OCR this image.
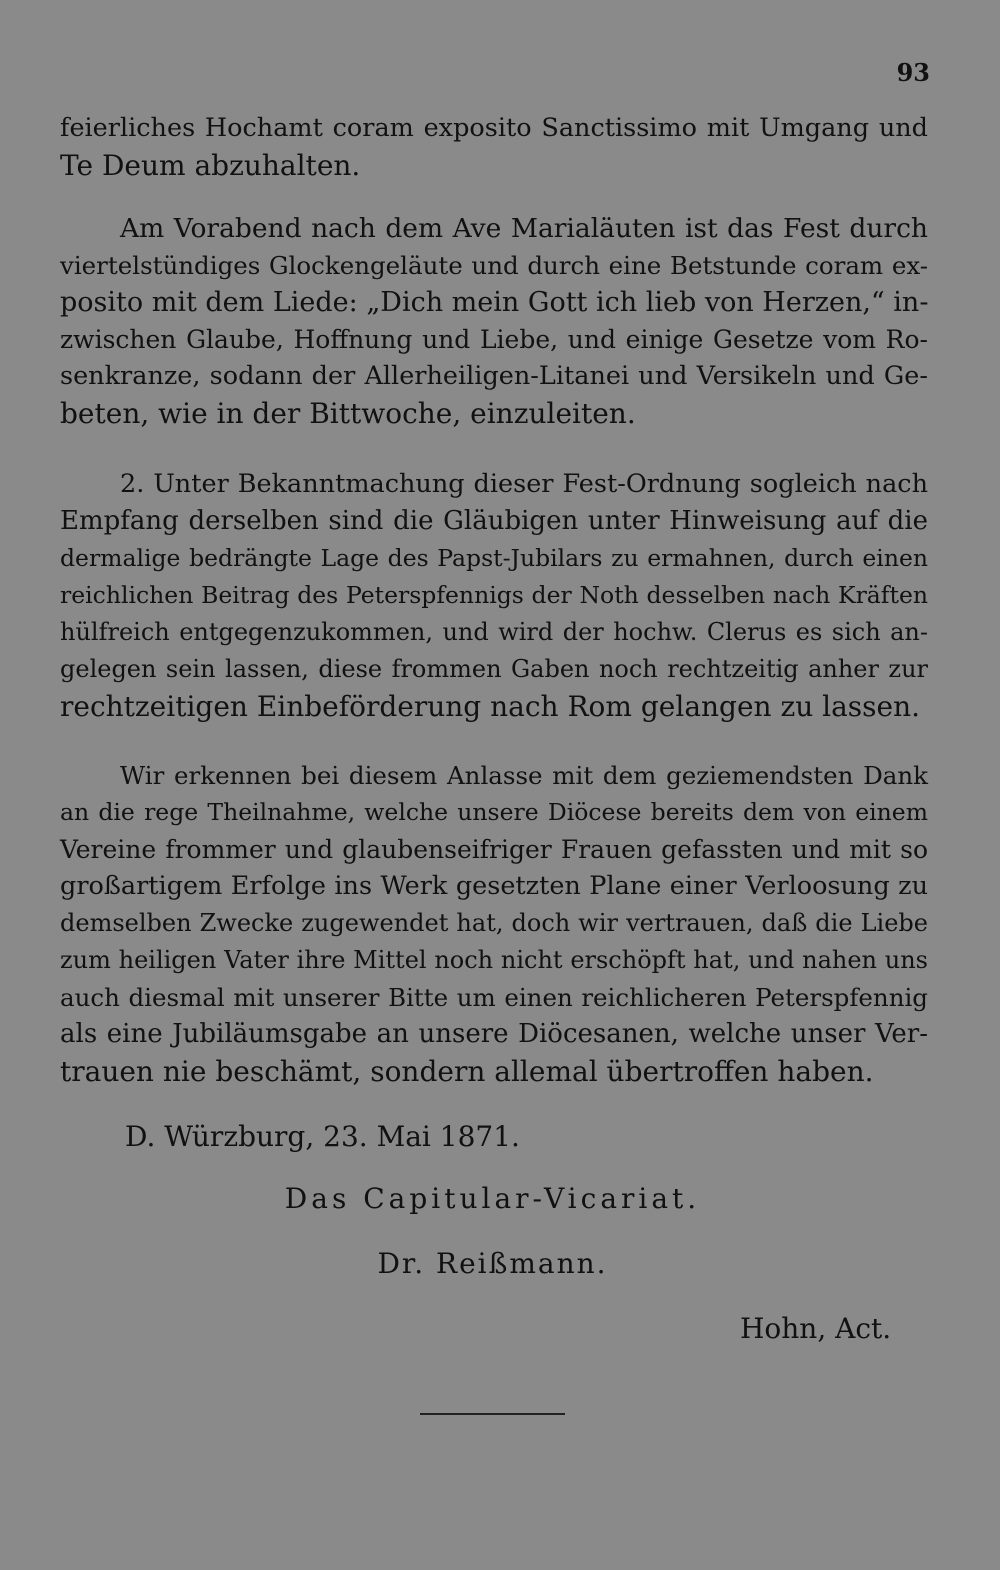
93
feierliches Hochamt coram exposito Sanctissimo mit Umgang und
Te Deum abzuhalten.
Am Vorabend nach dem Ave Marialäuten ist das Fest durch
viertelstündiges Glockengeläute und durch eine Betstunde coram ex-
posito mit dem Liede: „Dich mein Gott ich lieb von Herzen,“ in-
zwischen Glaube, Hoffnung und Liebe, und einige Gesetze vom Ro-
senkranze, sodann der Allerheiligen-Litanei und Versikeln und Ge-
beten, wie in der Bittwoche, einzuleiten.
2. Unter Bekanntmachung dieser Fest-Ordnung sogleich nach
Empfang derselben sind die Gläubigen unter Hinweisung auf die
dermalige bedrängte Lage des Papst-Jubilars zu ermahnen, durch einen
reichlichen Beitrag des Peterspfennigs der Noth desselben nach Kräften
hülfreich entgegenzukommen, und wird der hochw. Clerus es sich an-
gelegen sein lassen, diese frommen Gaben noch rechtzeitig anher zur
rechtzeitigen Einbeförderung nach Rom gelangen zu lassen.
Wir erkennen bei diesem Anlasse mit dem geziemendsten Dank
an die rege Theilnahme, welche unsere Diöcese bereits dem von einem
Vereine frommer und glaubenseifriger Frauen gefassten und mit so
großartigem Erfolge ins Werk gesetzten Plane einer Verloosung zu
demselben Zwecke zugewendet hat, doch wir vertrauen, daß die Liebe
zum heiligen Vater ihre Mittel noch nicht erschöpft hat, und nahen uns
auch diesmal mit unserer Bitte um einen reichlicheren Peterspfennig
als eine Jubiläumsgabe an unsere Diöcesanen, welche unser Ver-
trauen nie beschämt, sondern allemal übertroffen haben.
D. Würzburg, 23. Mai 1871.
Das Capitular-Vicariat.
Dr. Reißmann.
Hohn, Act.
